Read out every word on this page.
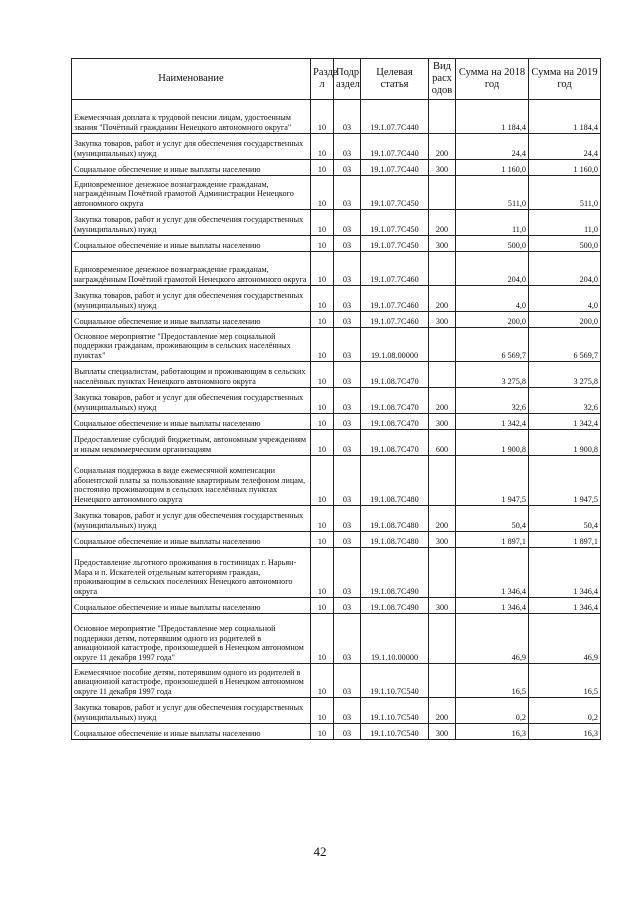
Наименование	Разде л	Подр аздел	Целевая статья	Вид расх одов	Сумма на 2018 год	Сумма на 2019 год
Ежемесячная доплата к трудовой пенсии лицам, удостоенным звания "Почётный гражданин Ненецкого автономного округа"	10	03	19.1.07.7С440		1 184,4	1 184,4
Закупка товаров, работ и услуг для обеспечения государственных (муниципальных) нужд	10	03	19.1.07.7С440	200	24,4	24,4
Социальное обеспечение и иные выплаты населению	10	03	19.1.07.7С440	300	1 160,0	1 160,0
Единовременное денежное вознаграждение гражданам, награждённым Почётной грамотой Администрации Ненецкого автономного округа	10	03	19.1.07.7С450		511,0	511,0
Закупка товаров, работ и услуг для обеспечения государственных (муниципальных) нужд	10	03	19.1.07.7С450	200	11,0	11,0
Социальное обеспечение и иные выплаты населению	10	03	19.1.07.7С450	300	500,0	500,0
Единовременное денежное вознаграждение гражданам, награждённым Почётной грамотой Ненецкого автономного округа	10	03	19.1.07.7С460		204,0	204,0
Закупка товаров, работ и услуг для обеспечения государственных (муниципальных) нужд	10	03	19.1.07.7С460	200	4,0	4,0
Социальное обеспечение и иные выплаты населению	10	03	19.1.07.7С460	300	200,0	200,0
Основное мероприятие "Предоставление мер социальной поддержки гражданам, проживающим в сельских населённых пунктах"	10	03	19.1.08.00000		6 569,7	6 569,7
Выплаты специалистам, работающим и проживающим в сельских населённых пунктах Ненецкого автономного округа	10	03	19.1.08.7С470		3 275,8	3 275,8
Закупка товаров, работ и услуг для обеспечения государственных (муниципальных) нужд	10	03	19.1.08.7С470	200	32,6	32,6
Социальное обеспечение и иные выплаты населению	10	03	19.1.08.7С470	300	1 342,4	1 342,4
Предоставление субсидий бюджетным, автономным учреждениям и иным некоммерческим организациям	10	03	19.1.08.7С470	600	1 900,8	1 900,8
Социальная поддержка в виде ежемесячной компенсации абонентской платы за пользование квартирным телефоном лицам, постоянно проживающим в сельских населённых пунктах Ненецкого автономного округа	10	03	19.1.08.7С480		1 947,5	1 947,5
Закупка товаров, работ и услуг для обеспечения государственных (муниципальных) нужд	10	03	19.1.08.7С480	200	50,4	50,4
Социальное обеспечение и иные выплаты населению	10	03	19.1.08.7С480	300	1 897,1	1 897,1
Предоставление льготного проживания в гостиницах г. Нарьян-Мара и п. Искателей отдельным категориям граждан, проживающим в сельских поселениях Ненецкого автономного округа	10	03	19.1.08.7С490		1 346,4	1 346,4
Социальное обеспечение и иные выплаты населению	10	03	19.1.08.7С490	300	1 346,4	1 346,4
Основное мероприятие "Предоставление мер социальной поддержки детям, потерявшим одного из родителей в авиационной катастрофе, произошедшей в Ненецком автономном округе 11 декабря 1997 года"	10	03	19.1.10.00000		46,9	46,9
Ежемесячное пособие детям, потерявшим одного из родителей в авиационной катастрофе, произошедшей в Ненецком автономном округе 11 декабря 1997 года	10	03	19.1.10.7С540		16,5	16,5
Закупка товаров, работ и услуг для обеспечения государственных (муниципальных) нужд	10	03	19.1.10.7С540	200	0,2	0,2
Социальное обеспечение и иные выплаты населению	10	03	19.1.10.7С540	300	16,3	16,3
42
